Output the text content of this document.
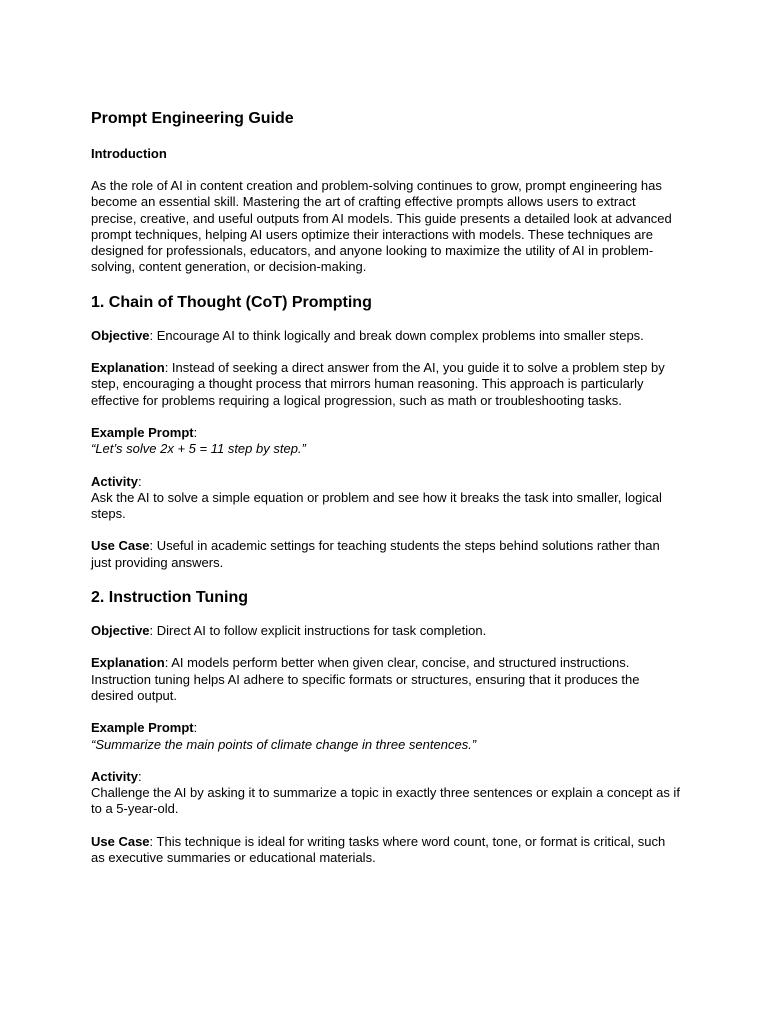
Prompt Engineering Guide
Introduction

As the role of AI in content creation and problem-solving continues to grow, prompt engineering has become an essential skill. Mastering the art of crafting effective prompts allows users to extract precise, creative, and useful outputs from AI models. This guide presents a detailed look at advanced prompt techniques, helping AI users optimize their interactions with models. These techniques are designed for professionals, educators, and anyone looking to maximize the utility of AI in problem-solving, content generation, or decision-making.

1. Chain of Thought (CoT) Prompting

Objective: Encourage AI to think logically and break down complex problems into smaller steps.

Explanation: Instead of seeking a direct answer from the AI, you guide it to solve a problem step by step, encouraging a thought process that mirrors human reasoning. This approach is particularly effective for problems requiring a logical progression, such as math or troubleshooting tasks.

Example Prompt:
“Let’s solve 2x + 5 = 11 step by step.”

Activity:
Ask the AI to solve a simple equation or problem and see how it breaks the task into smaller, logical steps.

Use Case: Useful in academic settings for teaching students the steps behind solutions rather than just providing answers.

2. Instruction Tuning

Objective: Direct AI to follow explicit instructions for task completion.

Explanation: AI models perform better when given clear, concise, and structured instructions. Instruction tuning helps AI adhere to specific formats or structures, ensuring that it produces the desired output.

Example Prompt:
“Summarize the main points of climate change in three sentences.”

Activity:
Challenge the AI by asking it to summarize a topic in exactly three sentences or explain a concept as if to a 5-year-old.

Use Case: This technique is ideal for writing tasks where word count, tone, or format is critical, such as executive summaries or educational materials.
